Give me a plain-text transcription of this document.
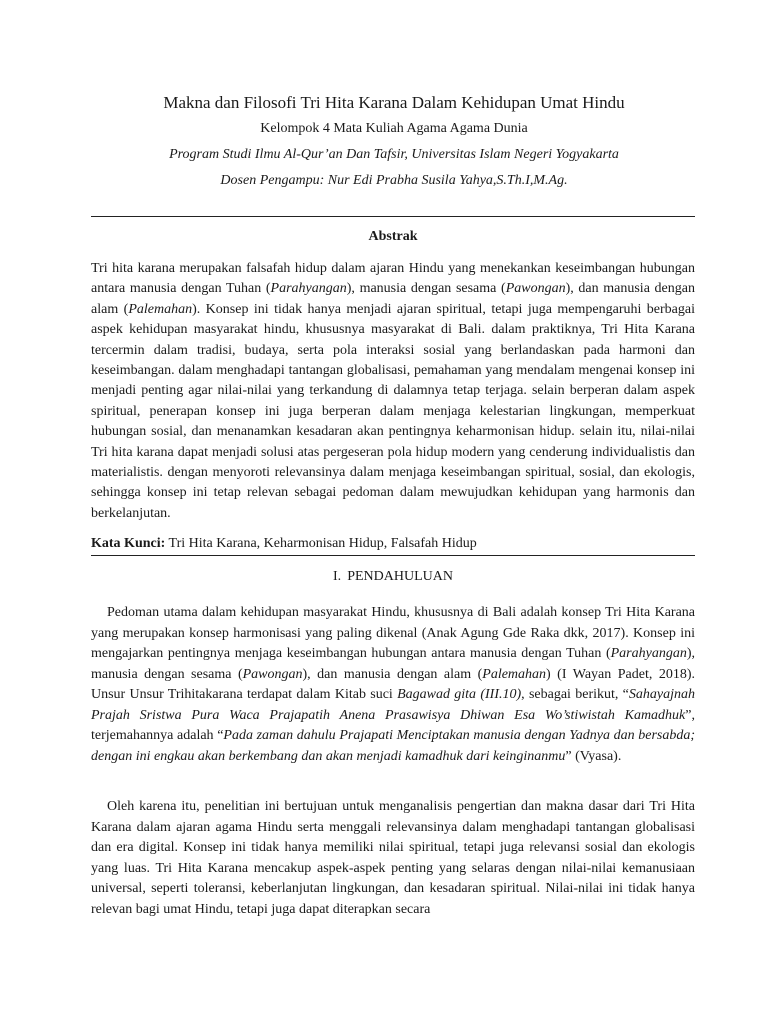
Makna dan Filosofi Tri Hita Karana Dalam Kehidupan Umat Hindu
Kelompok 4 Mata Kuliah Agama Agama Dunia
Program Studi Ilmu Al-Qur’an Dan Tafsir, Universitas Islam Negeri Yogyakarta
Dosen Pengampu: Nur Edi Prabha Susila Yahya,S.Th.I,M.Ag.
Abstrak
Tri hita karana merupakan falsafah hidup dalam ajaran Hindu yang menekankan keseimbangan hubungan antara manusia dengan Tuhan (Parahyangan), manusia dengan sesama (Pawongan), dan manusia dengan alam (Palemahan). Konsep ini tidak hanya menjadi ajaran spiritual, tetapi juga mempengaruhi berbagai aspek kehidupan masyarakat hindu, khususnya masyarakat di Bali. dalam praktiknya, Tri Hita Karana tercermin dalam tradisi, budaya, serta pola interaksi sosial yang berlandaskan pada harmoni dan keseimbangan. dalam menghadapi tantangan globalisasi, pemahaman yang mendalam mengenai konsep ini menjadi penting agar nilai-nilai yang terkandung di dalamnya tetap terjaga. selain berperan dalam aspek spiritual, penerapan konsep ini juga berperan dalam menjaga kelestarian lingkungan, memperkuat hubungan sosial, dan menanamkan kesadaran akan pentingnya keharmonisan hidup. selain itu, nilai-nilai Tri hita karana dapat menjadi solusi atas pergeseran pola hidup modern yang cenderung individualistis dan materialistis. dengan menyoroti relevansinya dalam menjaga keseimbangan spiritual, sosial, dan ekologis, sehingga konsep ini tetap relevan sebagai pedoman dalam mewujudkan kehidupan yang harmonis dan berkelanjutan.
Kata Kunci: Tri Hita Karana, Keharmonisan Hidup, Falsafah Hidup
I. PENDAHULUAN

Pedoman utama dalam kehidupan masyarakat Hindu, khususnya di Bali adalah konsep Tri Hita Karana yang merupakan konsep harmonisasi yang paling dikenal (Anak Agung Gde Raka dkk, 2017). Konsep ini mengajarkan pentingnya menjaga keseimbangan hubungan antara manusia dengan Tuhan (Parahyangan), manusia dengan sesama (Pawongan), dan manusia dengan alam (Palemahan) (I Wayan Padet, 2018). Unsur Unsur Trihitakarana terdapat dalam Kitab suci Bagawad gita (III.10), sebagai berikut, “Sahayajnah Prajah Sristwa Pura Waca Prajapatih Anena Prasawisya Dhiwan Esa Wo’stiwistah Kamadhuk”, terjemahannya adalah “Pada zaman dahulu Prajapati Menciptakan manusia dengan Yadnya dan bersabda; dengan ini engkau akan berkembang dan akan menjadi kamadhuk dari keinginanmu” (Vyasa).

Oleh karena itu, penelitian ini bertujuan untuk menganalisis pengertian dan makna dasar dari Tri Hita Karana dalam ajaran agama Hindu serta menggali relevansinya dalam menghadapi tantangan globalisasi dan era digital. Konsep ini tidak hanya memiliki nilai spiritual, tetapi juga relevansi sosial dan ekologis yang luas. Tri Hita Karana mencakup aspek-aspek penting yang selaras dengan nilai-nilai kemanusiaan universal, seperti toleransi, keberlanjutan lingkungan, dan kesadaran spiritual. Nilai-nilai ini tidak hanya relevan bagi umat Hindu, tetapi juga dapat diterapkan secara
